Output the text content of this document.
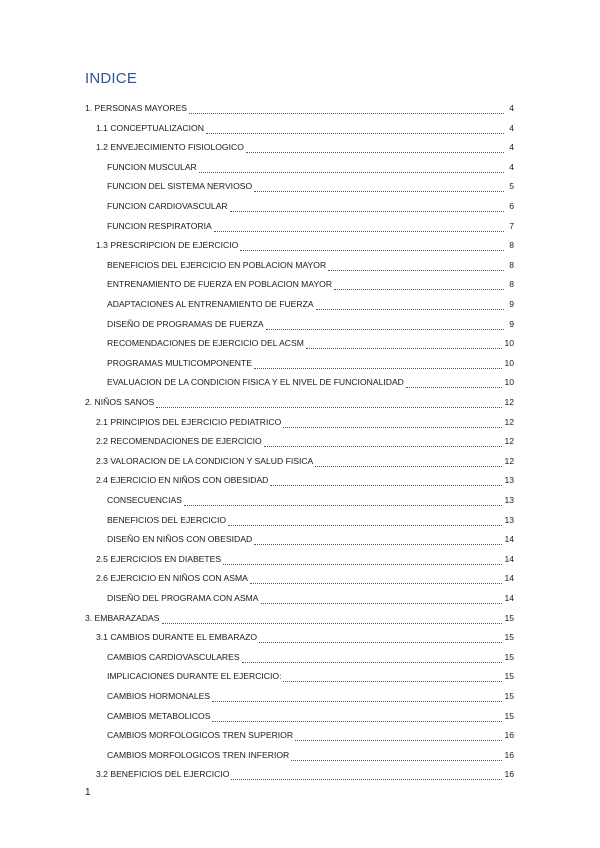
INDICE
1. PERSONAS MAYORES	4
1.1 CONCEPTUALIZACION	4
1.2 ENVEJECIMIENTO FISIOLOGICO	4
FUNCION MUSCULAR	4
FUNCION DEL SISTEMA NERVIOSO	5
FUNCION CARDIOVASCULAR	6
FUNCION RESPIRATORIA	7
1.3 PRESCRIPCION DE EJERCICIO	8
BENEFICIOS DEL EJERCICIO EN POBLACION MAYOR	8
ENTRENAMIENTO DE FUERZA EN POBLACION MAYOR	8
ADAPTACIONES AL ENTRENAMIENTO DE FUERZA	9
DISEÑO DE PROGRAMAS DE FUERZA	9
RECOMENDACIONES DE EJERCICIO DEL ACSM	10
PROGRAMAS MULTICOMPONENTE	10
EVALUACION DE LA CONDICION FISICA Y EL NIVEL DE FUNCIONALIDAD	10
2. NIÑOS SANOS	12
2.1 PRINCIPIOS DEL EJERCICIO PEDIATRICO	12
2.2 RECOMENDACIONES DE EJERCICIO	12
2.3 VALORACION DE LA CONDICION Y SALUD FISICA	12
2.4 EJERCICIO EN NIÑOS CON OBESIDAD	13
CONSECUENCIAS	13
BENEFICIOS DEL EJERCICIO	13
DISEÑO EN NIÑOS CON OBESIDAD	14
2.5 EJERCICIOS EN DIABETES	14
2.6 EJERCICIO EN NIÑOS CON ASMA	14
DISEÑO DEL PROGRAMA CON ASMA	14
3. EMBARAZADAS	15
3.1 CAMBIOS DURANTE EL EMBARAZO	15
CAMBIOS CARDIOVASCULARES	15
IMPLICACIONES DURANTE EL EJERCICIO:	15
CAMBIOS HORMONALES	15
CAMBIOS METABOLICOS	15
CAMBIOS MORFOLOGICOS TREN SUPERIOR	16
CAMBIOS MORFOLOGICOS TREN INFERIOR	16
3.2 BENEFICIOS DEL EJERCICIO	16
1
